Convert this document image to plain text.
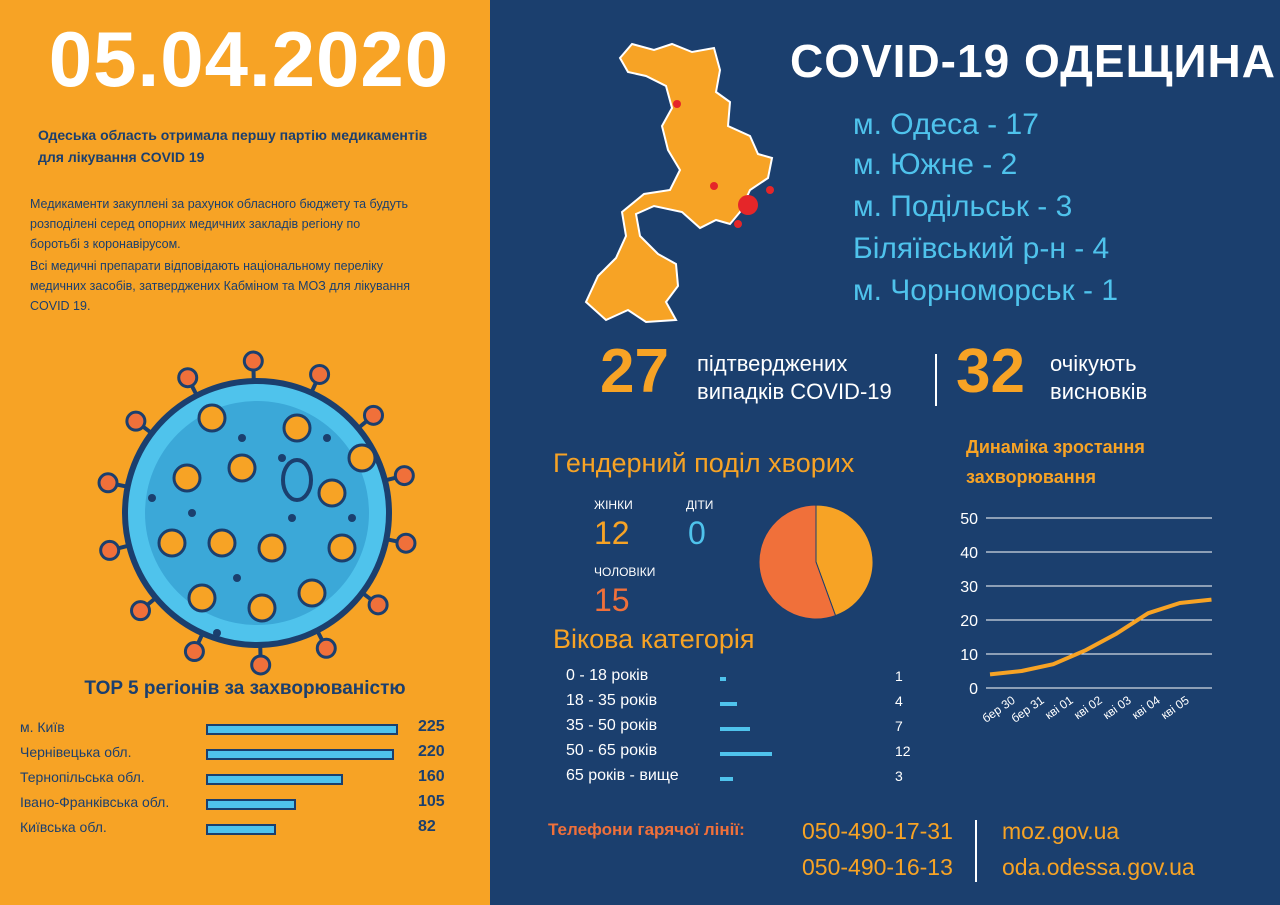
05.04.2020
Одеська область отримала першу партію медикаментів
для лікування COVID 19
Медикаменти закуплені за рахунок обласного бюджету та будуть
розподілені серед опорних медичних закладів регіону по
боротьбі з коронавірусом.
Всі медичні препарати відповідають національному переліку
медичних засобів, затверджених Кабміном та МОЗ для лікування
COVID 19.
TOP 5 регіонів за захворюваністю
м. Київ	225
Чернівецька обл.	220
Тернопільська обл.	160
Івано-Франківська обл.	105
Київська обл.	82
COVID-19 ОДЕЩИНА
м. Одеса - 17
м. Южне - 2
м. Подільськ - 3
Біляївський р-н - 4
м. Чорноморськ - 1
27 підтверджених
випадків COVID-19 32 очікують
висновків
Гендерний поділ хворих
ЖІНКИ
12
ДІТИ
0
ЧОЛОВІКИ
15
Вікова категорія
0 - 18 років	1
18 - 35 років	4
35 - 50 років	7
50 - 65 років	12
65 років - вище	3
Динаміка зростання
захворювання
0
10
20
30
40
50
бер 30
бер 31
кві 01
кві 02
кві 03
кві 04
кві 05
Телефони гарячої лінії: 050-490-17-31
050-490-16-13
moz.gov.ua
oda.odessa.gov.ua
